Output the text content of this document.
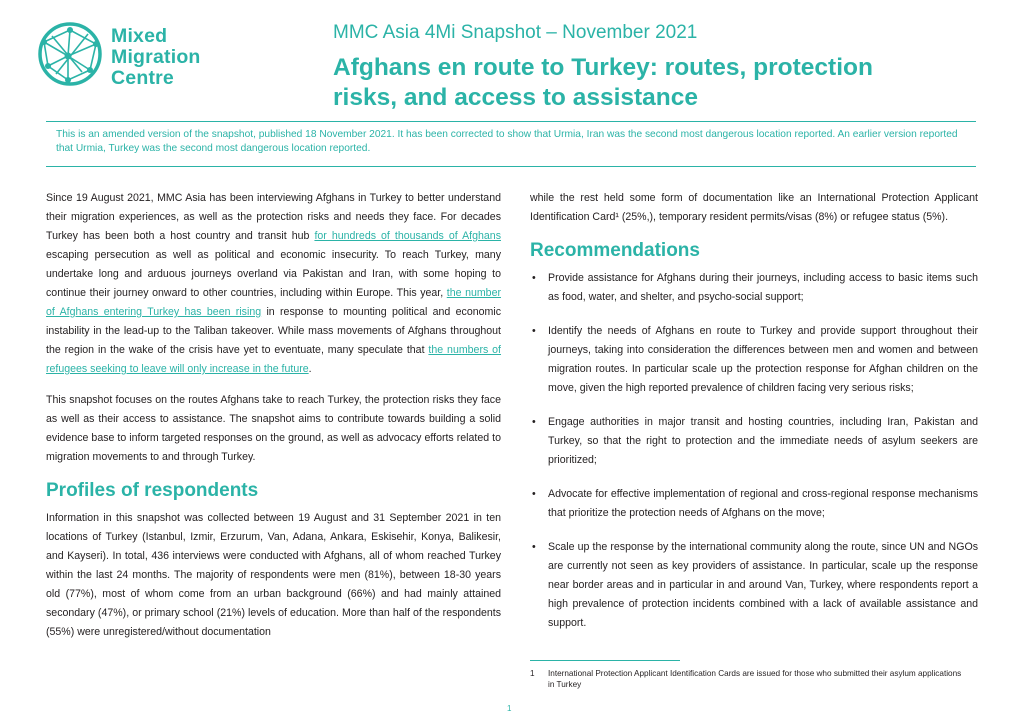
Mixed
Migration
Centre
MMC Asia 4Mi Snapshot – November 2021
Afghans en route to Turkey: routes, protection risks, and access to assistance
This is an amended version of the snapshot, published 18 November 2021. It has been corrected to show that Urmia, Iran was the second most dangerous location reported. An earlier version reported that Urmia, Turkey was the second most dangerous location reported.

Since 19 August 2021, MMC Asia has been interviewing Afghans in Turkey to better understand their migration experiences, as well as the protection risks and needs they face. For decades Turkey has been both a host country and transit hub for hundreds of thousands of Afghans escaping persecution as well as political and economic insecurity. To reach Turkey, many undertake long and arduous journeys overland via Pakistan and Iran, with some hoping to continue their journey onward to other countries, including within Europe. This year, the number of Afghans entering Turkey has been rising in response to mounting political and economic instability in the lead-up to the Taliban takeover. While mass movements of Afghans throughout the region in the wake of the crisis have yet to eventuate, many speculate that the numbers of refugees seeking to leave will only increase in the future.

This snapshot focuses on the routes Afghans take to reach Turkey, the protection risks they face as well as their access to assistance. The snapshot aims to contribute towards building a solid evidence base to inform targeted responses on the ground, as well as advocacy efforts related to migration movements to and through Turkey.

Profiles of respondents

Information in this snapshot was collected between 19 August and 31 September 2021 in ten locations of Turkey (Istanbul, Izmir, Erzurum, Van, Adana, Ankara, Eskisehir, Konya, Balikesir, and Kayseri). In total, 436 interviews were conducted with Afghans, all of whom reached Turkey within the last 24 months. The majority of respondents were men (81%), between 18-30 years old (77%), most of whom come from an urban background (66%) and had mainly attained secondary (47%), or primary school (21%) levels of education. More than half of the respondents (55%) were unregistered/without documentation

while the rest held some form of documentation like an International Protection Applicant Identification Card¹ (25%,), temporary resident permits/visas (8%) or refugee status (5%).

Recommendations
• Provide assistance for Afghans during their journeys, including access to basic items such as food, water, and shelter, and psycho-social support;
• Identify the needs of Afghans en route to Turkey and provide support throughout their journeys, taking into consideration the differences between men and women and between migration routes. In particular scale up the protection response for Afghan children on the move, given the high reported prevalence of children facing very serious risks;
• Engage authorities in major transit and hosting countries, including Iran, Pakistan and Turkey, so that the right to protection and the immediate needs of asylum seekers are prioritized;
• Advocate for effective implementation of regional and cross-regional response mechanisms that prioritize the protection needs of Afghans on the move;
• Scale up the response by the international community along the route, since UN and NGOs are currently not seen as key providers of assistance. In particular, scale up the response near border areas and in particular in and around Van, Turkey, where respondents report a high prevalence of protection incidents combined with a lack of available assistance and support.
1 International Protection Applicant Identification Cards are issued for those who submitted their asylum applications in Turkey
1
